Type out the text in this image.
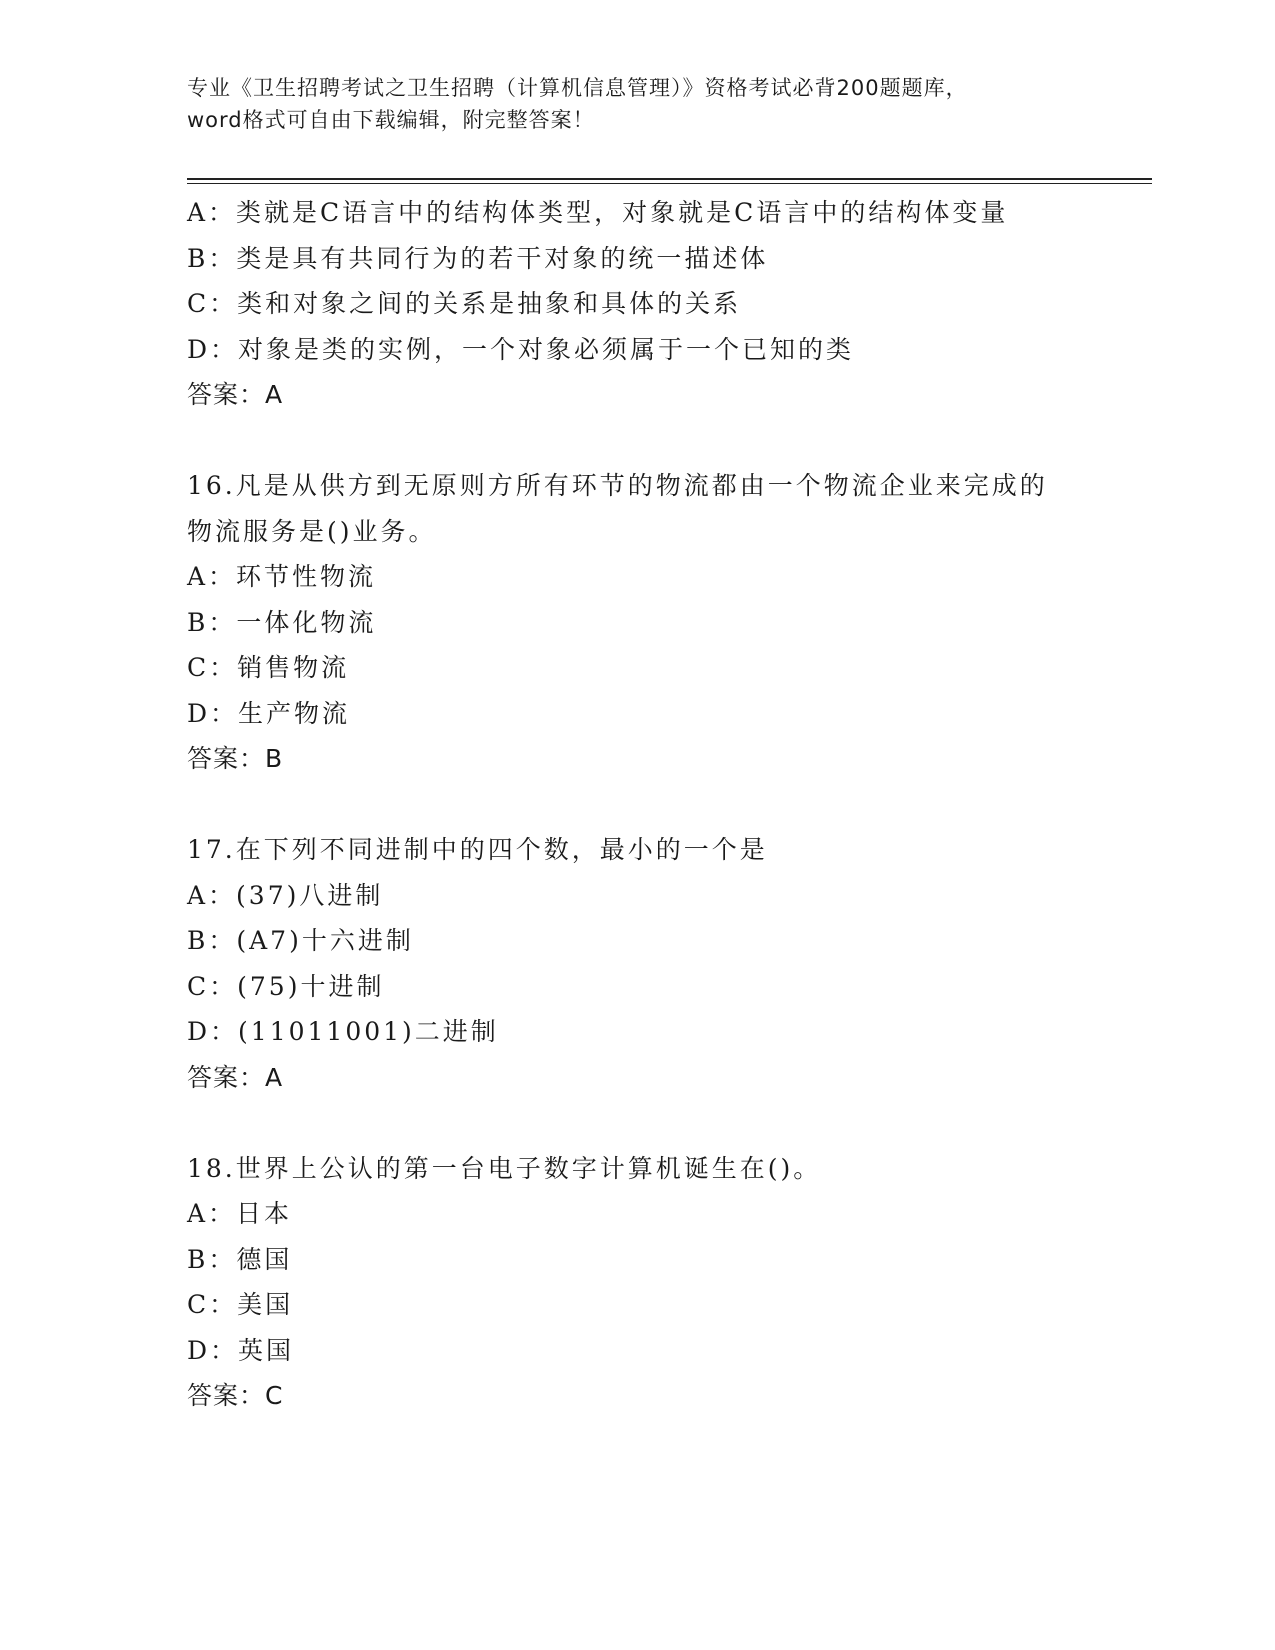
专业《卫生招聘考试之卫生招聘（计算机信息管理）》资格考试必背200题题库，
word格式可自由下载编辑，附完整答案！
A：类就是C语言中的结构体类型，对象就是C语言中的结构体变量
B：类是具有共同行为的若干对象的统一描述体
C：类和对象之间的关系是抽象和具体的关系
D：对象是类的实例，一个对象必须属于一个已知的类
答案：A
16.凡是从供方到无原则方所有环节的物流都由一个物流企业来完成的
物流服务是()业务。
A：环节性物流
B：一体化物流
C：销售物流
D：生产物流
答案：B
17.在下列不同进制中的四个数，最小的一个是
A：(37)八进制
B：(A7)十六进制
C：(75)十进制
D：(11011001)二进制
答案：A
18.世界上公认的第一台电子数字计算机诞生在()。
A：日本
B：德国
C：美国
D：英国
答案：C
